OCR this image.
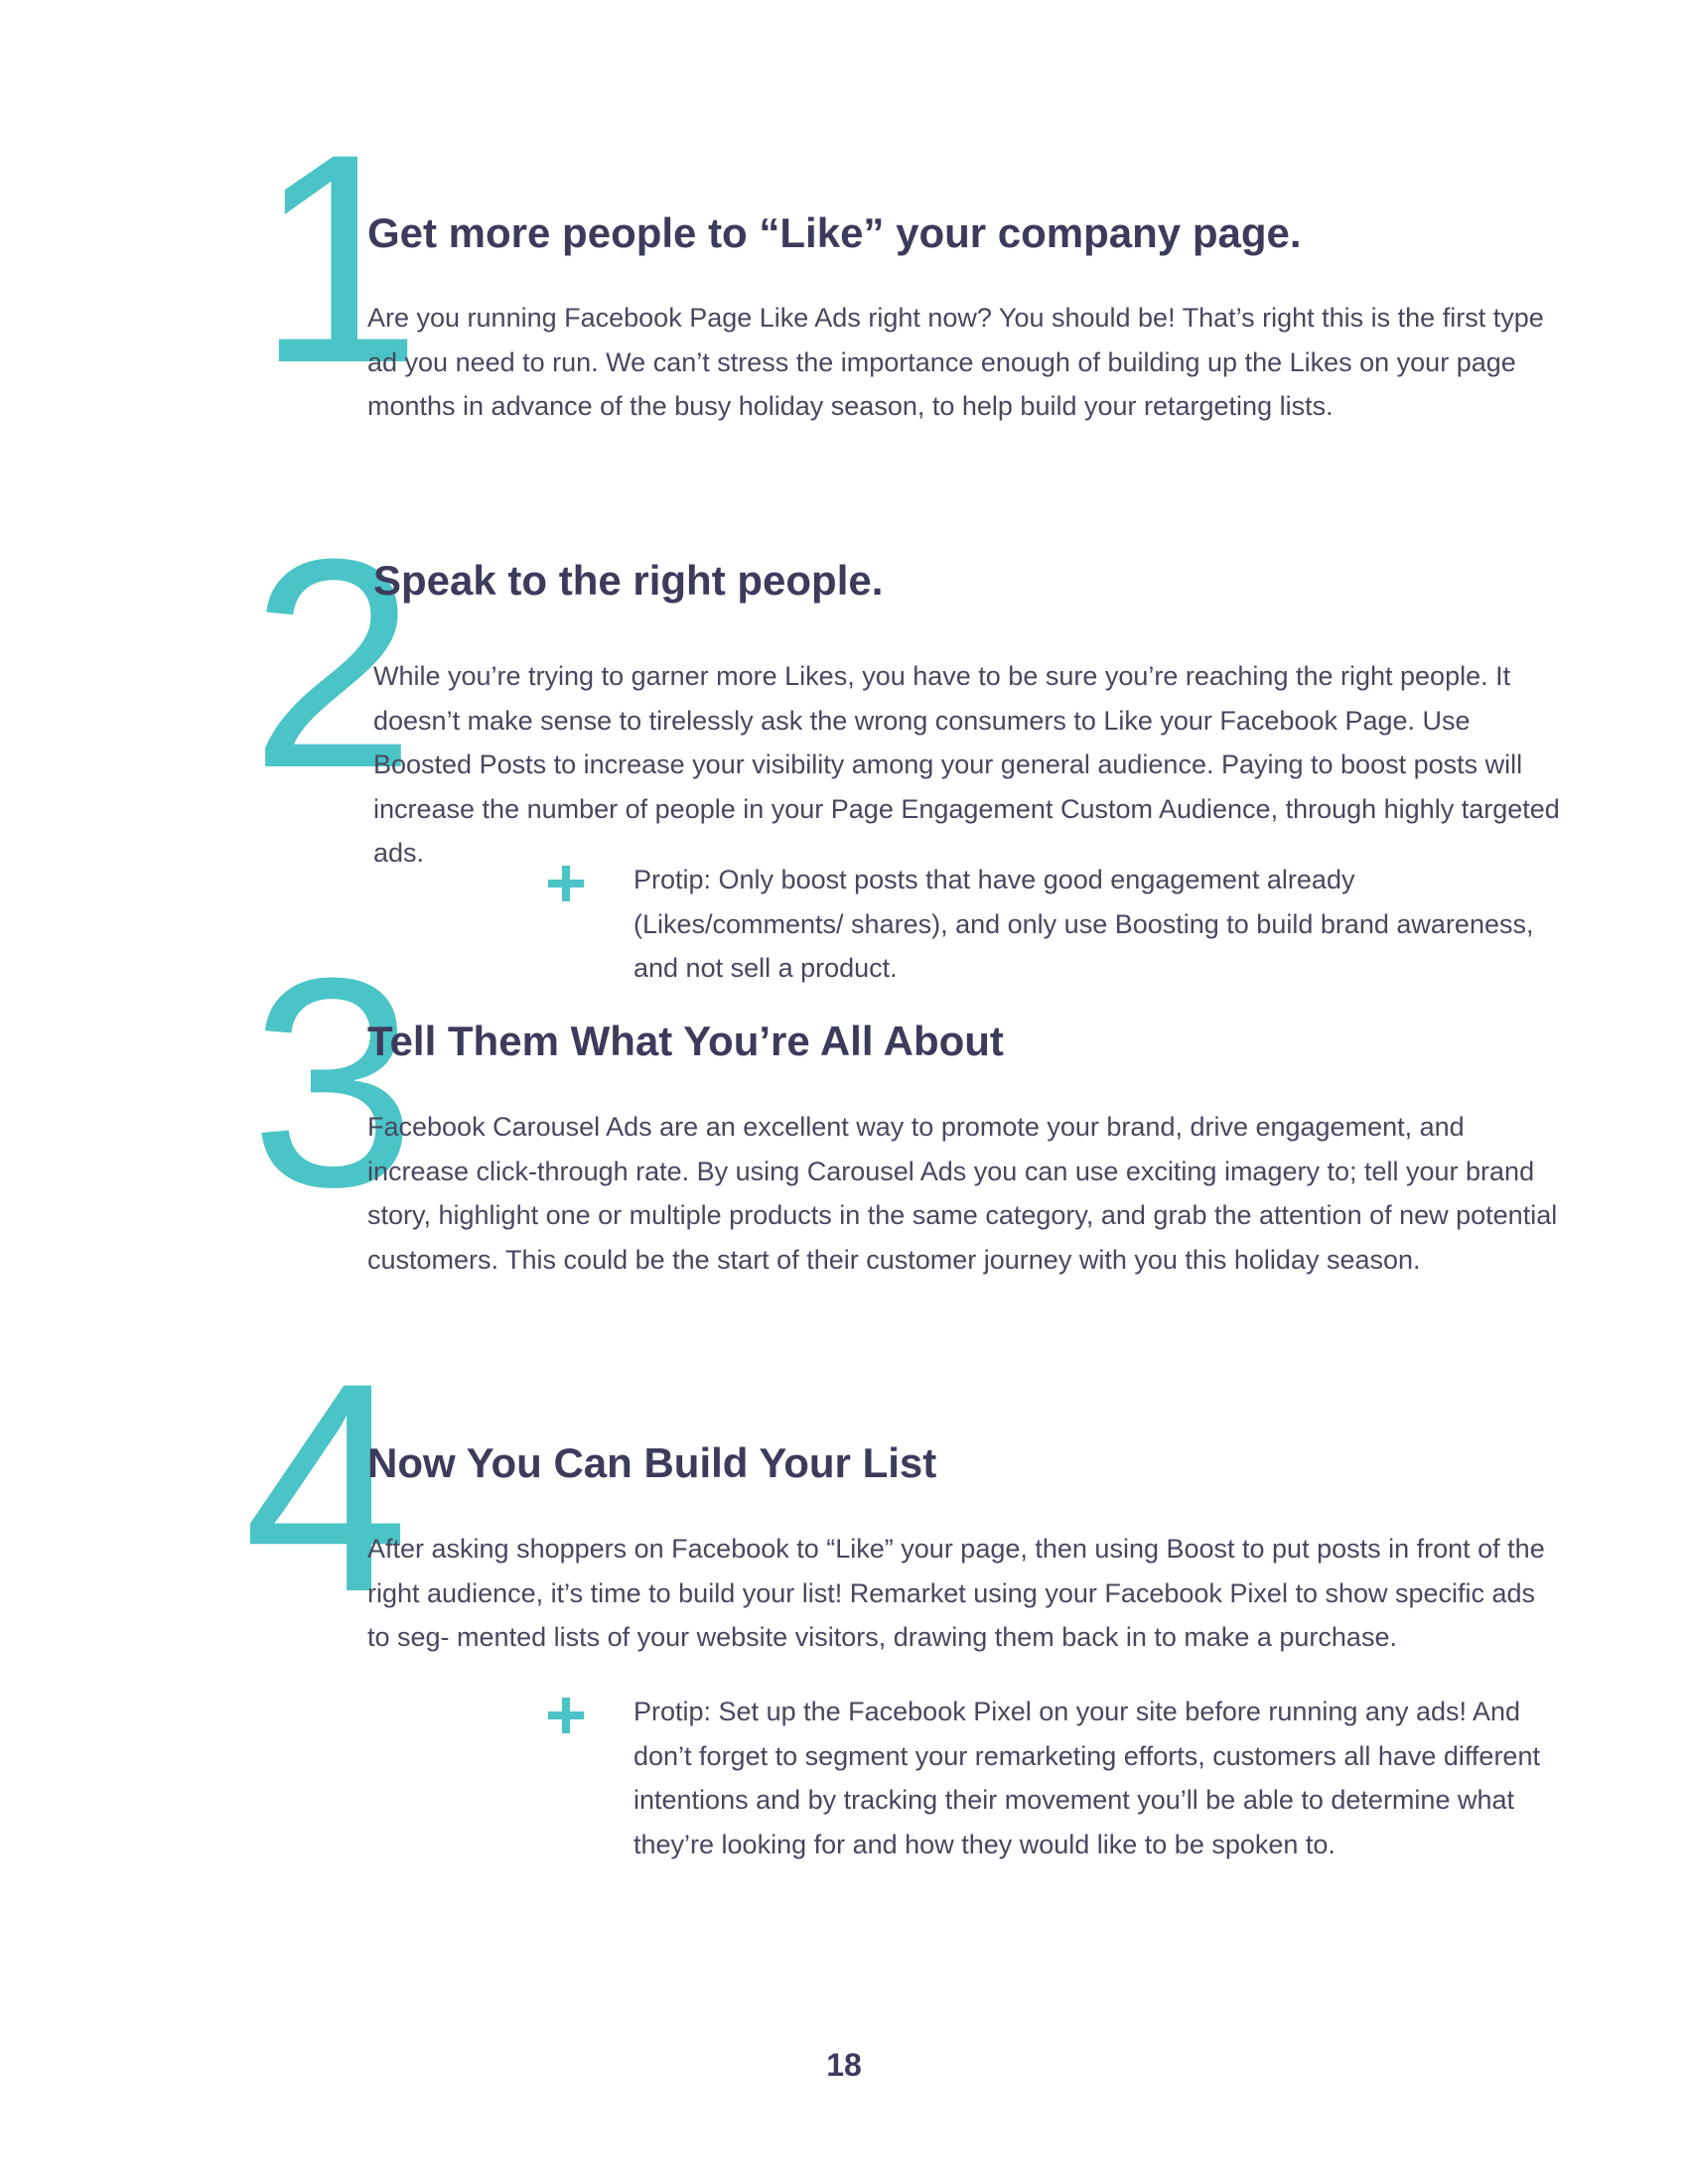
1
Get more people to “Like” your company page.

Are you running Facebook Page Like Ads right now? You should be! That’s right this is the first type ad you need to run. We can’t stress the importance enough of building up the Likes on your page months in advance of the busy holiday season, to help build your retargeting lists.

2
Speak to the right people.

While you’re trying to garner more Likes, you have to be sure you’re reaching the right people. It doesn’t make sense to tirelessly ask the wrong consumers to Like your Facebook Page. Use Boosted Posts to increase your visibility among your general audience. Paying to boost posts will increase the number of people in your Page Engagement Custom Audience, through highly targeted ads.

Protip: Only boost posts that have good engagement already (Likes/comments/ shares), and only use Boosting to build brand awareness, and not sell a product.

3
Tell Them What You’re All About

Facebook Carousel Ads are an excellent way to promote your brand, drive engagement, and increase click-through rate. By using Carousel Ads you can use exciting imagery to; tell your brand story, highlight one or multiple products in the same category, and grab the attention of new potential customers. This could be the start of their customer journey with you this holiday season.

4
Now You Can Build Your List

After asking shoppers on Facebook to “Like” your page, then using Boost to put posts in front of the right audience, it’s time to build your list! Remarket using your Facebook Pixel to show specific ads to seg- mented lists of your website visitors, drawing them back in to make a purchase.

Protip: Set up the Facebook Pixel on your site before running any ads! And don’t forget to segment your remarketing efforts, customers all have different intentions and by tracking their movement you’ll be able to determine what they’re looking for and how they would like to be spoken to.

18
